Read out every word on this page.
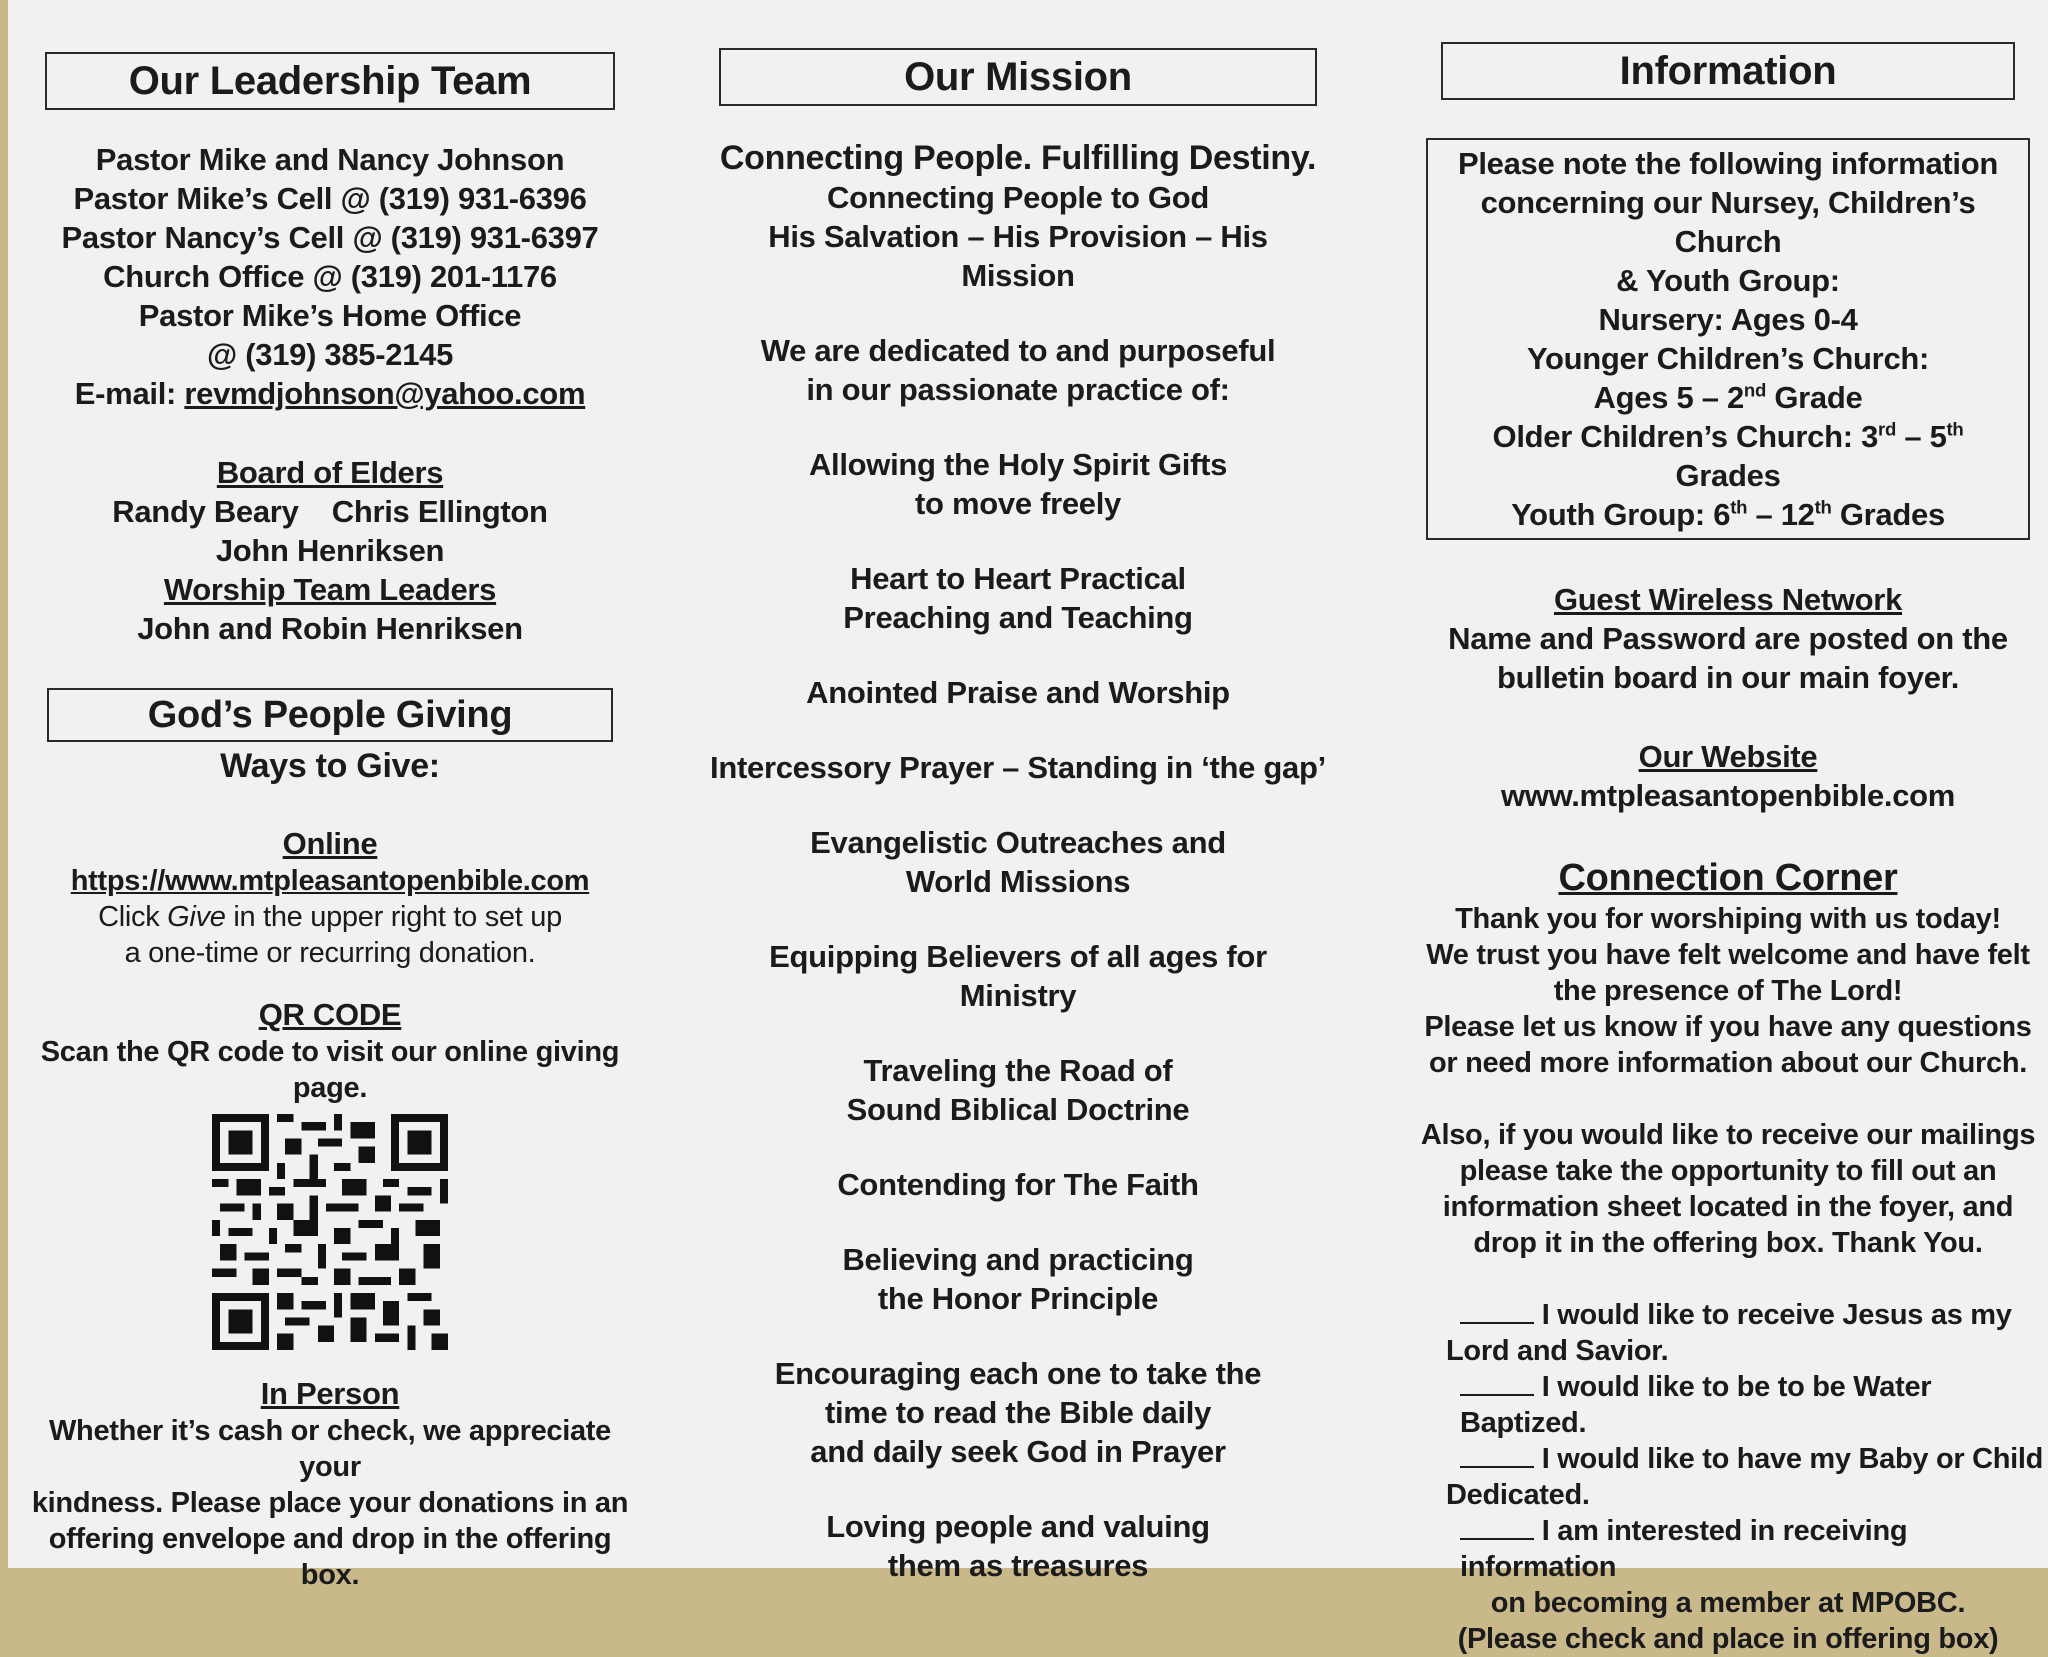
Our Leadership Team
Pastor Mike and Nancy Johnson
Pastor Mike’s Cell @ (319) 931-6396
Pastor Nancy’s Cell @ (319) 931-6397
Church Office @ (319) 201-1176
Pastor Mike’s Home Office
@ (319) 385-2145
E-mail: revmdjohnson@yahoo.com
Board of Elders
Randy Beary    Chris Ellington
John Henriksen
Worship Team Leaders
John and Robin Henriksen
God’s People Giving
Ways to Give:
Online
https://www.mtpleasantopenbible.com
Click Give in the upper right to set up
a one-time or recurring donation.
QR CODE
Scan the QR code to visit our online giving page.
In Person
Whether it’s cash or check, we appreciate your
kindness. Please place your donations in an
offering envelope and drop in the offering box.
Our Mission
Connecting People. Fulfilling Destiny.
Connecting People to God
His Salvation – His Provision – His Mission
We are dedicated to and purposeful
in our passionate practice of:
Allowing the Holy Spirit Gifts
to move freely
Heart to Heart Practical
Preaching and Teaching
Anointed Praise and Worship
Intercessory Prayer – Standing in ‘the gap’
Evangelistic Outreaches and
World Missions
Equipping Believers of all ages for Ministry
Traveling the Road of
Sound Biblical Doctrine
Contending for The Faith
Believing and practicing
the Honor Principle
Encouraging each one to take the
time to read the Bible daily
and daily seek God in Prayer
Loving people and valuing
them as treasures
Information
Please note the following information
concerning our Nursey, Children’s Church
& Youth Group:
Nursery: Ages 0-4
Younger Children’s Church:
Ages 5 – 2nd Grade
Older Children’s Church: 3rd – 5th Grades
Youth Group: 6th – 12th Grades
Guest Wireless Network
Name and Password are posted on the
bulletin board in our main foyer.
Our Website
www.mtpleasantopenbible.com
Connection Corner
Thank you for worshiping with us today!
We trust you have felt welcome and have felt
the presence of The Lord!
Please let us know if you have any questions
or need more information about our Church.
Also, if you would like to receive our mailings
please take the opportunity to fill out an
information sheet located in the foyer, and
drop it in the offering box. Thank You.
I would like to receive Jesus as my
Lord and Savior.
I would like to be to be Water Baptized.
I would like to have my Baby or Child
Dedicated.
I am interested in receiving information
on becoming a member at MPOBC.
(Please check and place in offering box)
